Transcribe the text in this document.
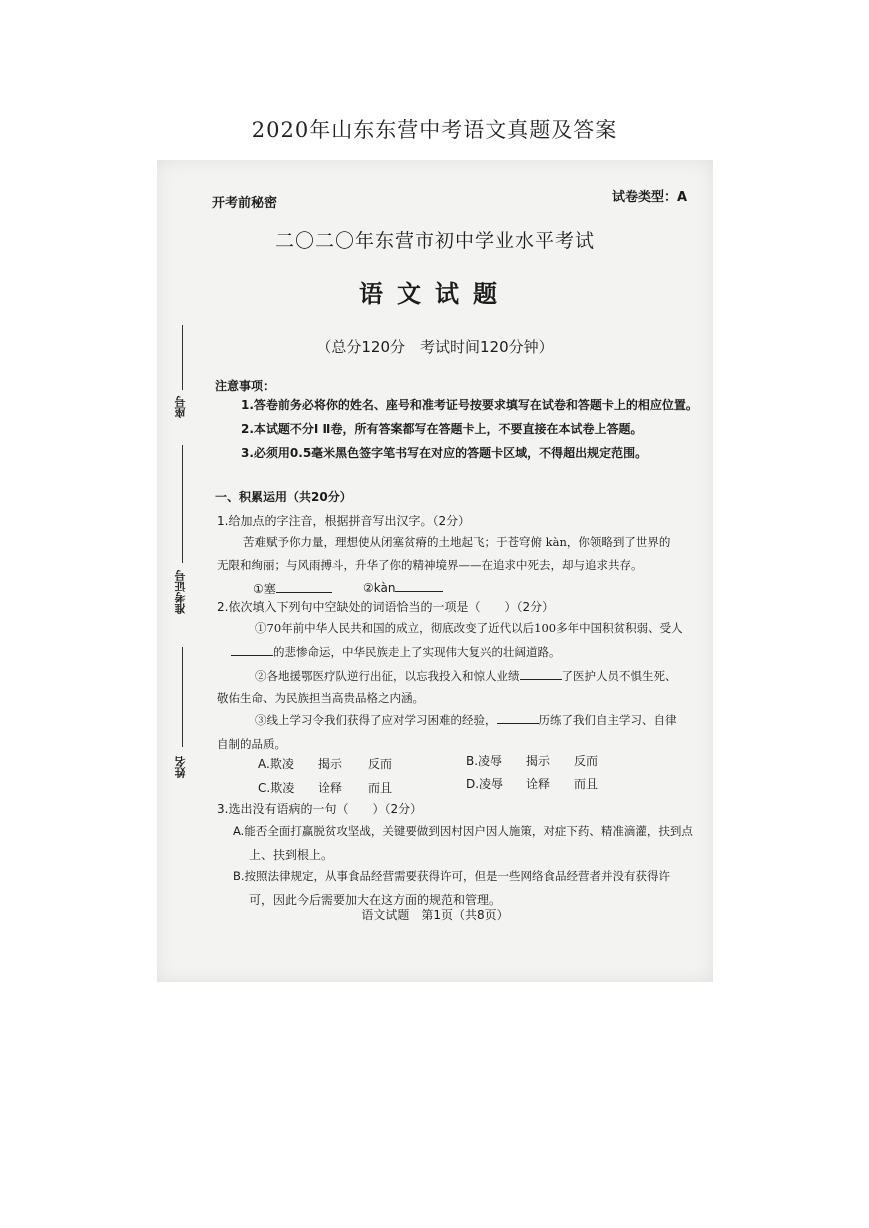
2020年山东东营中考语文真题及答案
开考前秘密	试卷类型：A
二〇二〇年东营市初中学业水平考试
语文试题
（总分120分　考试时间120分钟）
座号
准考证号
姓名
注意事项：
1.答卷前务必将你的姓名、座号和准考证号按要求填写在试卷和答题卡上的相应位置。
2.本试题不分Ⅰ Ⅱ卷，所有答案都写在答题卡上，不要直接在本试卷上答题。
3.必须用0.5毫米黑色签字笔书写在对应的答题卡区域，不得超出规定范围。
一、积累运用（共20分）
1.给加点的字注音，根据拼音写出汉字。（2分）
苦难赋予你力量，理想使从闭塞贫瘠的土地起飞；于苍穹俯 kàn，你领略到了世界的
无限和绚丽；与风雨搏斗，升华了你的精神境界——在追求中死去，却与追求共存。
①塞	②kàn
2.依次填入下列句中空缺处的词语恰当的一项是（　　）（2分）
①70年前中华人民共和国的成立，彻底改变了近代以后100多年中国积贫积弱、受人
的悲惨命运，中华民族走上了实现伟大复兴的壮阔道路。
②各地援鄂医疗队逆行出征，以忘我投入和惊人业绩	了医护人员不惧生死、
敬佑生命、为民族担当高贵品格之内涵。
③线上学习令我们获得了应对学习困难的经验，	历练了我们自主学习、自律
自制的品质。
A.欺凌 揭示 反而	B.凌辱 揭示 反而
C.欺凌 诠释 而且	D.凌辱 诠释 而且
3.选出没有语病的一句（　　）（2分）
A.能否全面打赢脱贫攻坚战，关键要做到因村因户因人施策，对症下药、精准滴灌，扶到点
上、扶到根上。
B.按照法律规定，从事食品经营需要获得许可，但是一些网络食品经营者并没有获得许
可，因此今后需要加大在这方面的规范和管理。
语文试题　第1页（共8页）
